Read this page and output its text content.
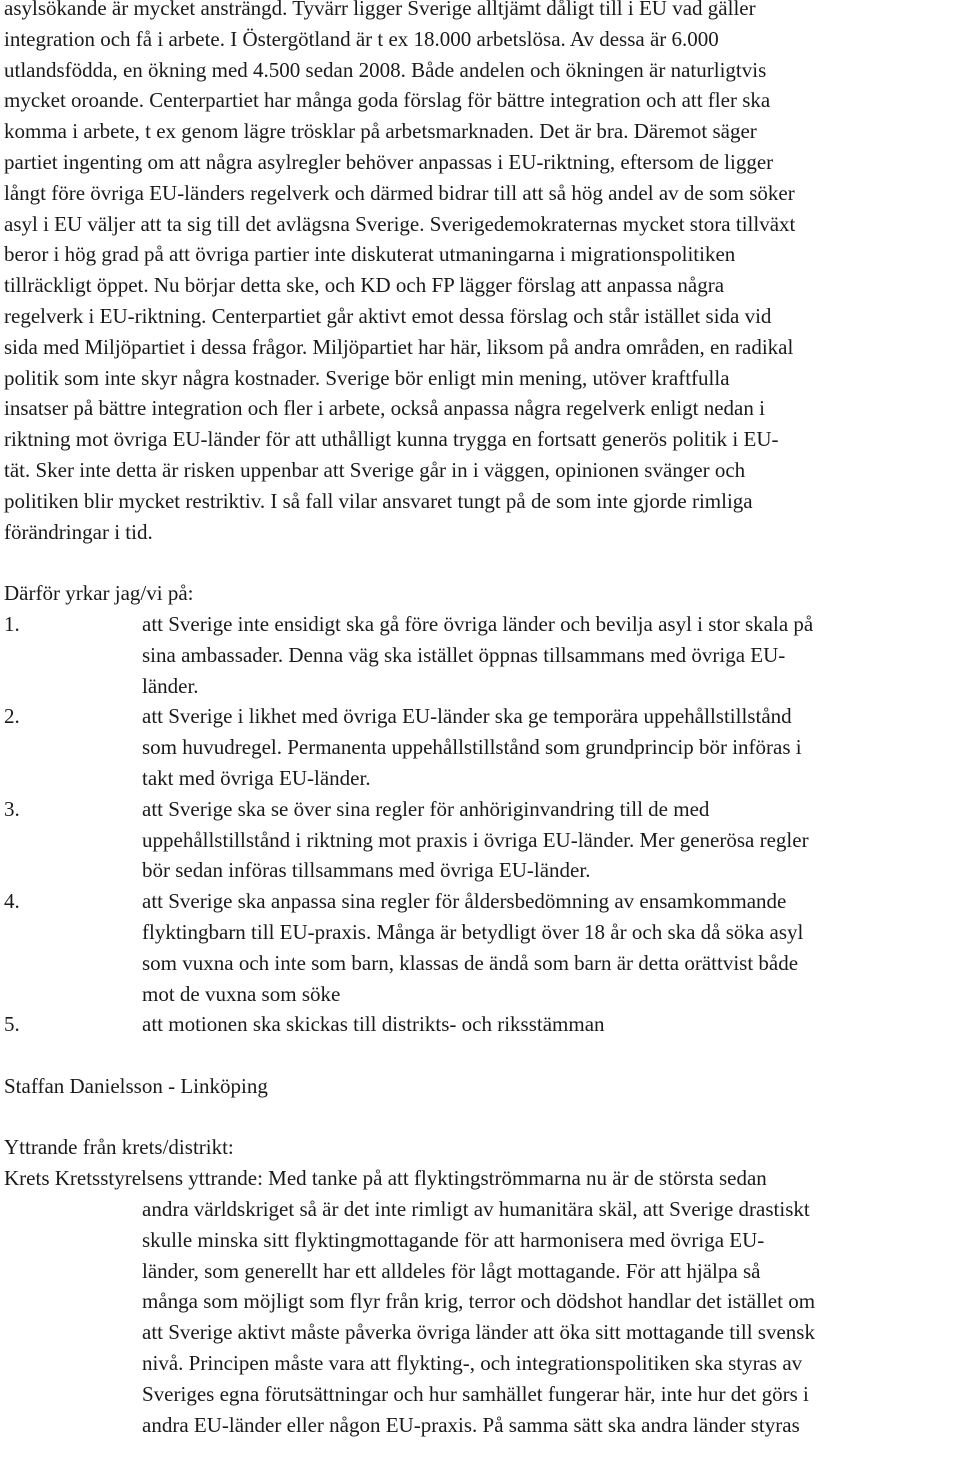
asylsökande är mycket ansträngd. Tyvärr ligger Sverige alltjämt dåligt till i EU vad gäller
integration och få i arbete. I Östergötland är t ex 18.000 arbetslösa. Av dessa är 6.000
utlandsfödda, en ökning med 4.500 sedan 2008. Både andelen och ökningen är naturligtvis
mycket oroande. Centerpartiet har många goda förslag för bättre integration och att fler ska
komma i arbete, t ex genom lägre trösklar på arbetsmarknaden. Det är bra. Däremot säger
partiet ingenting om att några asylregler behöver anpassas i EU-riktning, eftersom de ligger
långt före övriga EU-länders regelverk och därmed bidrar till att så hög andel av de som söker
asyl i EU väljer att ta sig till det avlägsna Sverige. Sverigedemokraternas mycket stora tillväxt
beror i hög grad på att övriga partier inte diskuterat utmaningarna i migrationspolitiken
tillräckligt öppet. Nu börjar detta ske, och KD och FP lägger förslag att anpassa några
regelverk i EU-riktning. Centerpartiet går aktivt emot dessa förslag och står istället sida vid
sida med Miljöpartiet i dessa frågor. Miljöpartiet har här, liksom på andra områden, en radikal
politik som inte skyr några kostnader. Sverige bör enligt min mening, utöver kraftfulla
insatser på bättre integration och fler i arbete, också anpassa några regelverk enligt nedan i
riktning mot övriga EU-länder för att uthålligt kunna trygga en fortsatt generös politik i EU-
tät. Sker inte detta är risken uppenbar att Sverige går in i väggen, opinionen svänger och
politiken blir mycket restriktiv. I så fall vilar ansvaret tungt på de som inte gjorde rimliga
förändringar i tid.
Därför yrkar jag/vi på:
1.	att Sverige inte ensidigt ska gå före övriga länder och bevilja asyl i stor skala på
sina ambassader. Denna väg ska istället öppnas tillsammans med övriga EU-
länder.
2.	att Sverige i likhet med övriga EU-länder ska ge temporära uppehållstillstånd
som huvudregel. Permanenta uppehållstillstånd som grundprincip bör införas i
takt med övriga EU-länder.
3.	att Sverige ska se över sina regler för anhöriginvandring till de med
uppehållstillstånd i riktning mot praxis i övriga EU-länder. Mer generösa regler
bör sedan införas tillsammans med övriga EU-länder.
4.	att Sverige ska anpassa sina regler för åldersbedömning av ensamkommande
flyktingbarn till EU-praxis. Många är betydligt över 18 år och ska då söka asyl
som vuxna och inte som barn, klassas de ändå som barn är detta orättvist både
mot de vuxna som söke
5.	att motionen ska skickas till distrikts- och riksstämman
Staffan Danielsson - Linköping
Yttrande från krets/distrikt:
Krets Kretsstyrelsens yttrande: Med tanke på att flyktingströmmarna nu är de största sedan
andra världskriget så är det inte rimligt av humanitära skäl, att Sverige drastiskt
skulle minska sitt flyktingmottagande för att harmonisera med övriga EU-
länder, som generellt har ett alldeles för lågt mottagande. För att hjälpa så
många som möjligt som flyr från krig, terror och dödshot handlar det istället om
att Sverige aktivt måste påverka övriga länder att öka sitt mottagande till svensk
nivå. Principen måste vara att flykting-, och integrationspolitiken ska styras av
Sveriges egna förutsättningar och hur samhället fungerar här, inte hur det görs i
andra EU-länder eller någon EU-praxis. På samma sätt ska andra länder styras
